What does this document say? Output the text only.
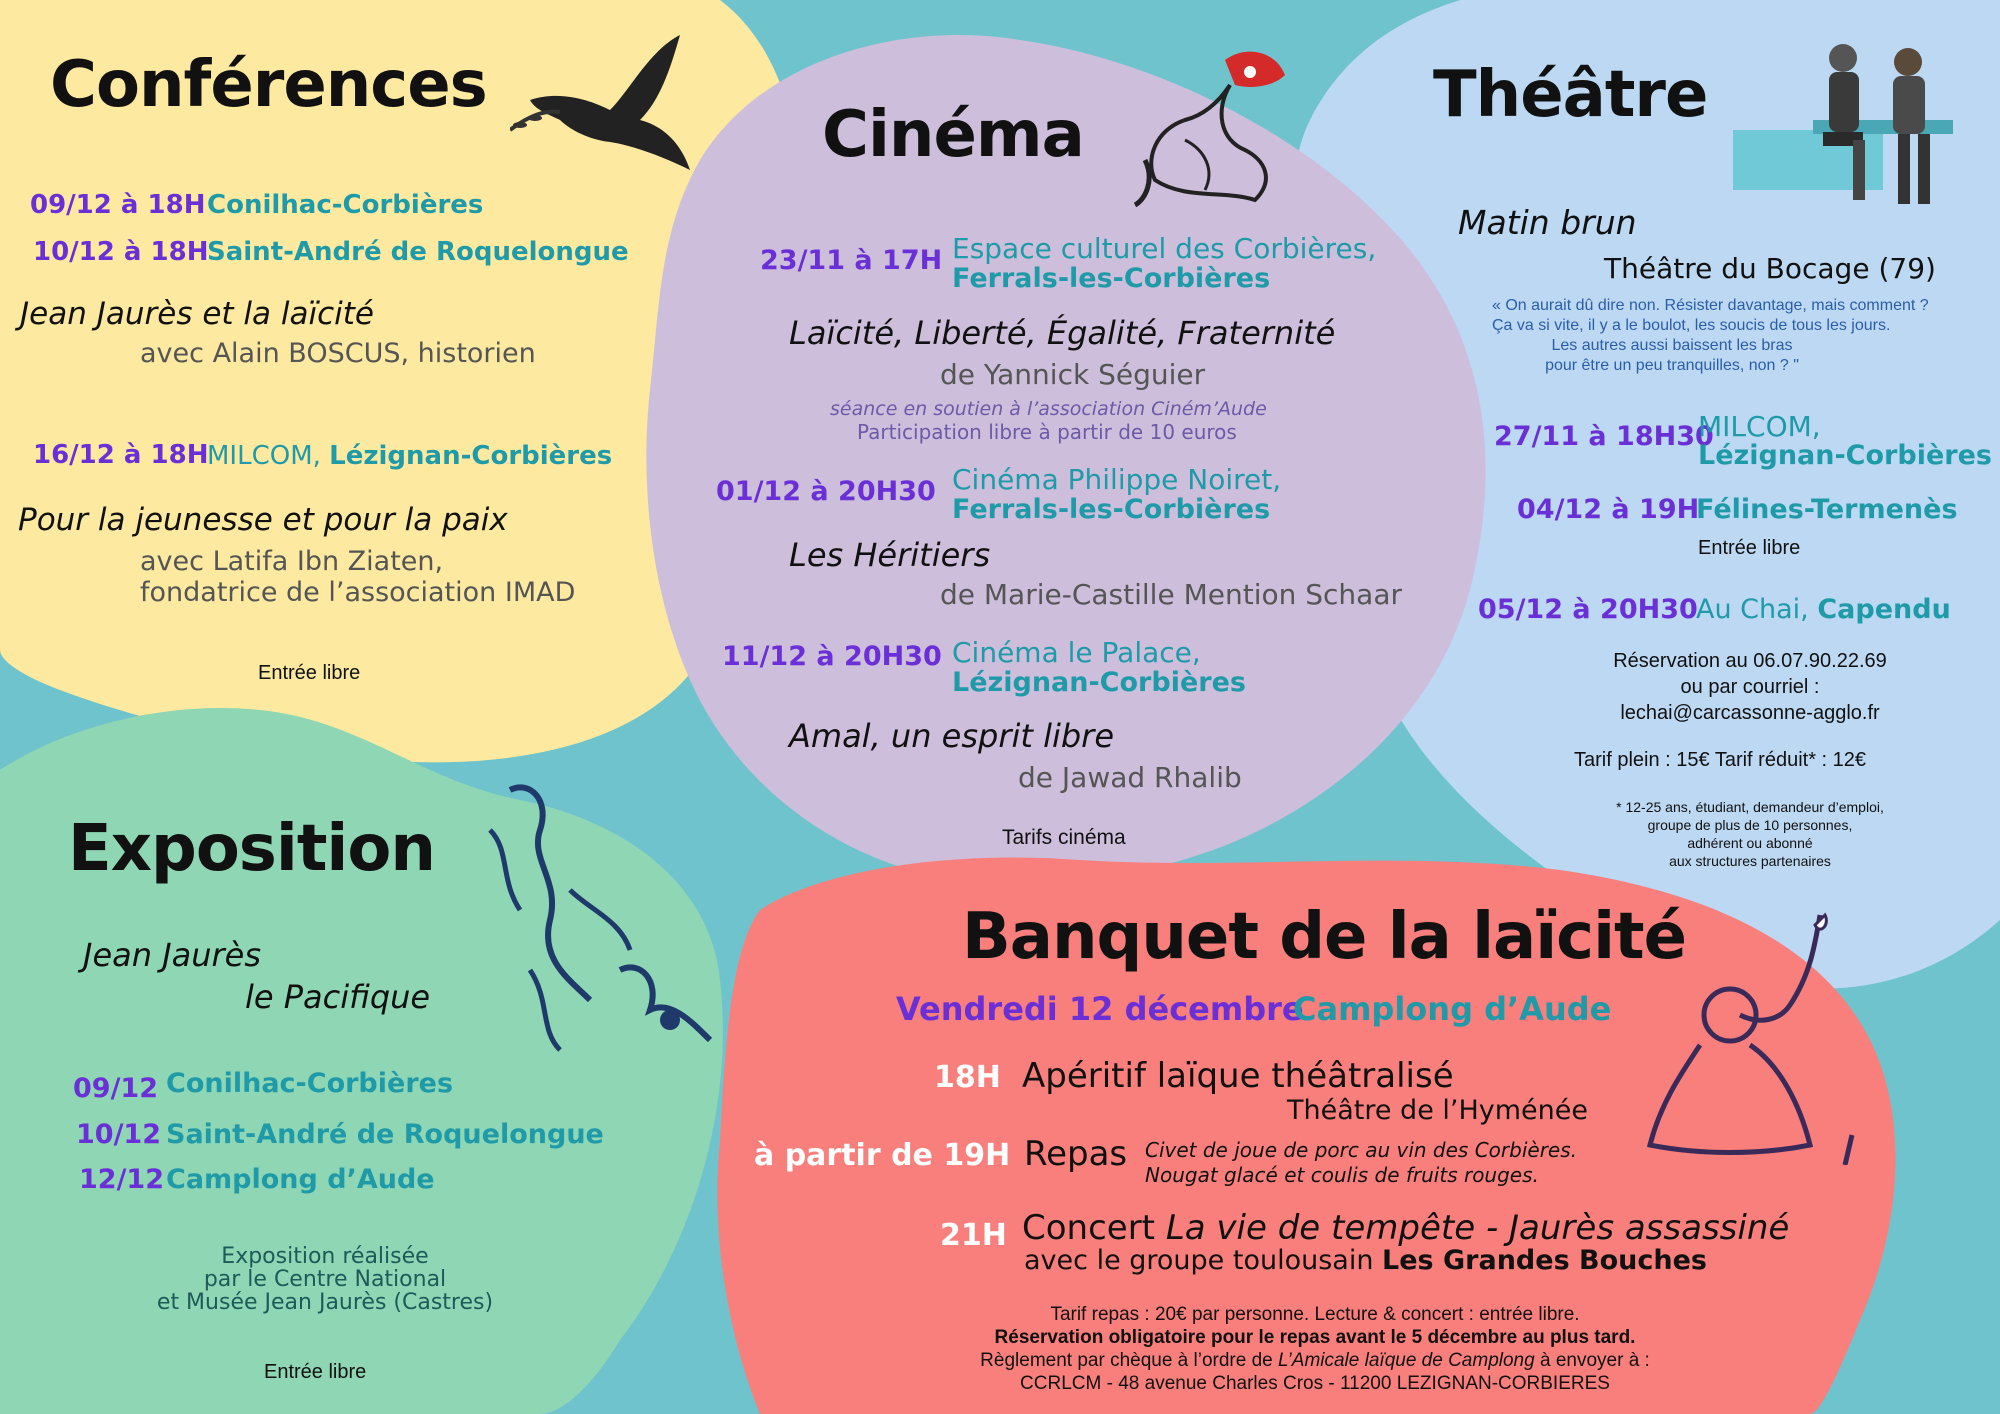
Conférences
09/12 à 18H Conilhac-Corbières
10/12 à 18H
Saint-André de Roquelongue
Jean Jaurès et la laïcité
avec Alain BOSCUS, historien
16/12 à 18H
MILCOM, Lézignan-Corbières
Pour la jeunesse et pour la paix
avec Latifa Ibn Ziaten,
fondatrice de l’association IMAD
Entrée libre
Cinéma
23/11 à 17H Espace culturel des Corbières,
Ferrals-les-Corbières
Laïcité, Liberté, Égalité, Fraternité
de Yannick Séguier
séance en soutien à l’association Ciném’Aude
Participation libre à partir de 10 euros
01/12 à 20H30 Cinéma Philippe Noiret,
Ferrals-les-Corbières
Les Héritiers
de Marie-Castille Mention Schaar
11/12 à 20H30 Cinéma le Palace,
Lézignan-Corbières
Amal, un esprit libre
de Jawad Rhalib
Tarifs cinéma
Théâtre
Matin brun
Théâtre du Bocage (79)
« On aurait dû dire non. Résister davantage, mais comment ?
Ça va si vite, il y a le boulot, les soucis de tous les jours.
Les autres aussi baissent les bras
pour être un peu tranquilles, non ? "
27/11 à 18H30
MILCOM,
Lézignan-Corbières
04/12 à 19H
Félines-Termenès
Entrée libre
05/12 à 20H30
Au Chai, Capendu
Réservation au 06.07.90.22.69
ou par courriel :
lechai@carcassonne-agglo.fr
Tarif plein : 15€ Tarif réduit* : 12€
* 12-25 ans, étudiant, demandeur d’emploi,
groupe de plus de 10 personnes,
adhérent ou abonné
aux structures partenaires
Exposition
Jean Jaurès
le Pacifique
09/12 Conilhac-Corbières
10/12 Saint-André de Roquelongue
12/12 Camplong d’Aude
Exposition réalisée
par le Centre National
et Musée Jean Jaurès (Castres)
Entrée libre
Banquet de la laïcité
Vendredi 12 décembre
Camplong d’Aude
18H Apéritif laïque théâtralisé
Théâtre de l’Hyménée
à partir de 19H Repas Civet de joue de porc au vin des Corbières.
Nougat glacé et coulis de fruits rouges.
21H Concert La vie de tempête - Jaurès assassiné
avec le groupe toulousain Les Grandes Bouches
Tarif repas : 20€ par personne. Lecture & concert : entrée libre.
Réservation obligatoire pour le repas avant le 5 décembre au plus tard.
Règlement par chèque à l’ordre de L’Amicale laïque de Camplong à envoyer à :
CCRLCM - 48 avenue Charles Cros - 11200 LEZIGNAN-CORBIERES
